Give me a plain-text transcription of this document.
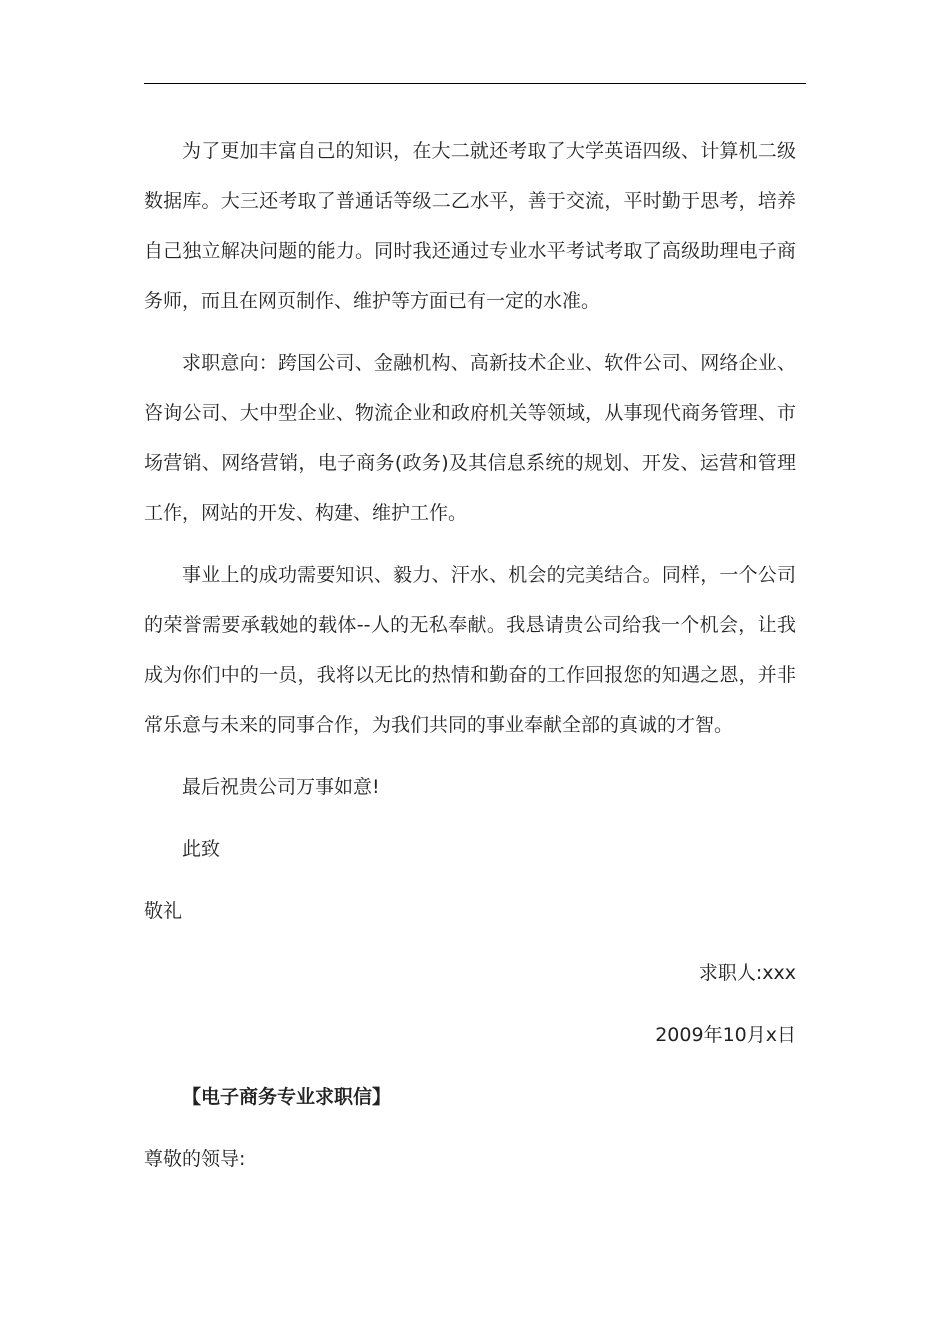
为了更加丰富自己的知识，在大二就还考取了大学英语四级、计算机二级数据库。大三还考取了普通话等级二乙水平，善于交流，平时勤于思考，培养自己独立解决问题的能力。同时我还通过专业水平考试考取了高级助理电子商务师，而且在网页制作、维护等方面已有一定的水准。

求职意向：跨国公司、金融机构、高新技术企业、软件公司、网络企业、咨询公司、大中型企业、物流企业和政府机关等领域，从事现代商务管理、市场营销、网络营销，电子商务(政务)及其信息系统的规划、开发、运营和管理工作，网站的开发、构建、维护工作。

事业上的成功需要知识、毅力、汗水、机会的完美结合。同样，一个公司的荣誉需要承载她的载体--人的无私奉献。我恳请贵公司给我一个机会，让我成为你们中的一员，我将以无比的热情和勤奋的工作回报您的知遇之恩，并非常乐意与未来的同事合作，为我们共同的事业奉献全部的真诚的才智。

最后祝贵公司万事如意!

此致

敬礼

求职人:xxx

2009年10月x日

【电子商务专业求职信】

尊敬的领导:
